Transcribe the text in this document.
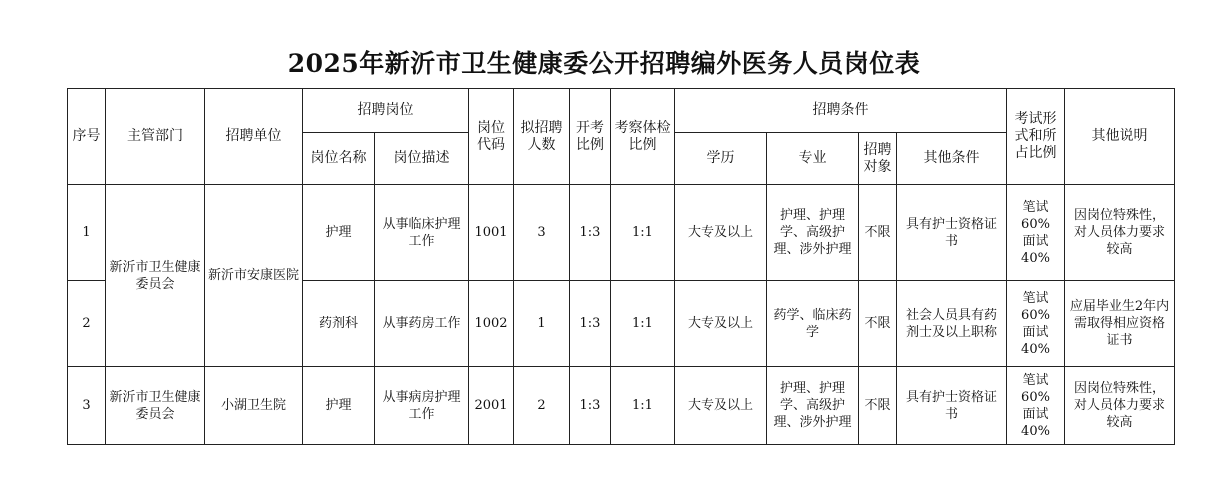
2025年新沂市卫生健康委公开招聘编外医务人员岗位表
序号	主管部门	招聘单位	招聘岗位		岗位代码	拟招聘人数	开考比例	考察体检比例	招聘条件				考试形式和所占比例	其他说明
			岗位名称	岗位描述					学历	专业	招聘对象	其他条件		
1	新沂市卫生健康委员会	新沂市安康医院	护理	从事临床护理工作	1001	3	1:3	1:1	大专及以上	护理、护理学、高级护理、涉外护理	不限	具有护士资格证书	笔试60%
面试40%	因岗位特殊性，对人员体力要求较高
2			药剂科	从事药房工作	1002	1	1:3	1:1	大专及以上	药学、临床药学	不限	社会人员具有药剂士及以上职称	笔试60%
面试40%	应届毕业生2年内需取得相应资格证书
3	新沂市卫生健康委员会	小湖卫生院	护理	从事病房护理工作	2001	2	1:3	1:1	大专及以上	护理、护理学、高级护理、涉外护理	不限	具有护士资格证书	笔试60%
面试40%	因岗位特殊性，对人员体力要求较高
